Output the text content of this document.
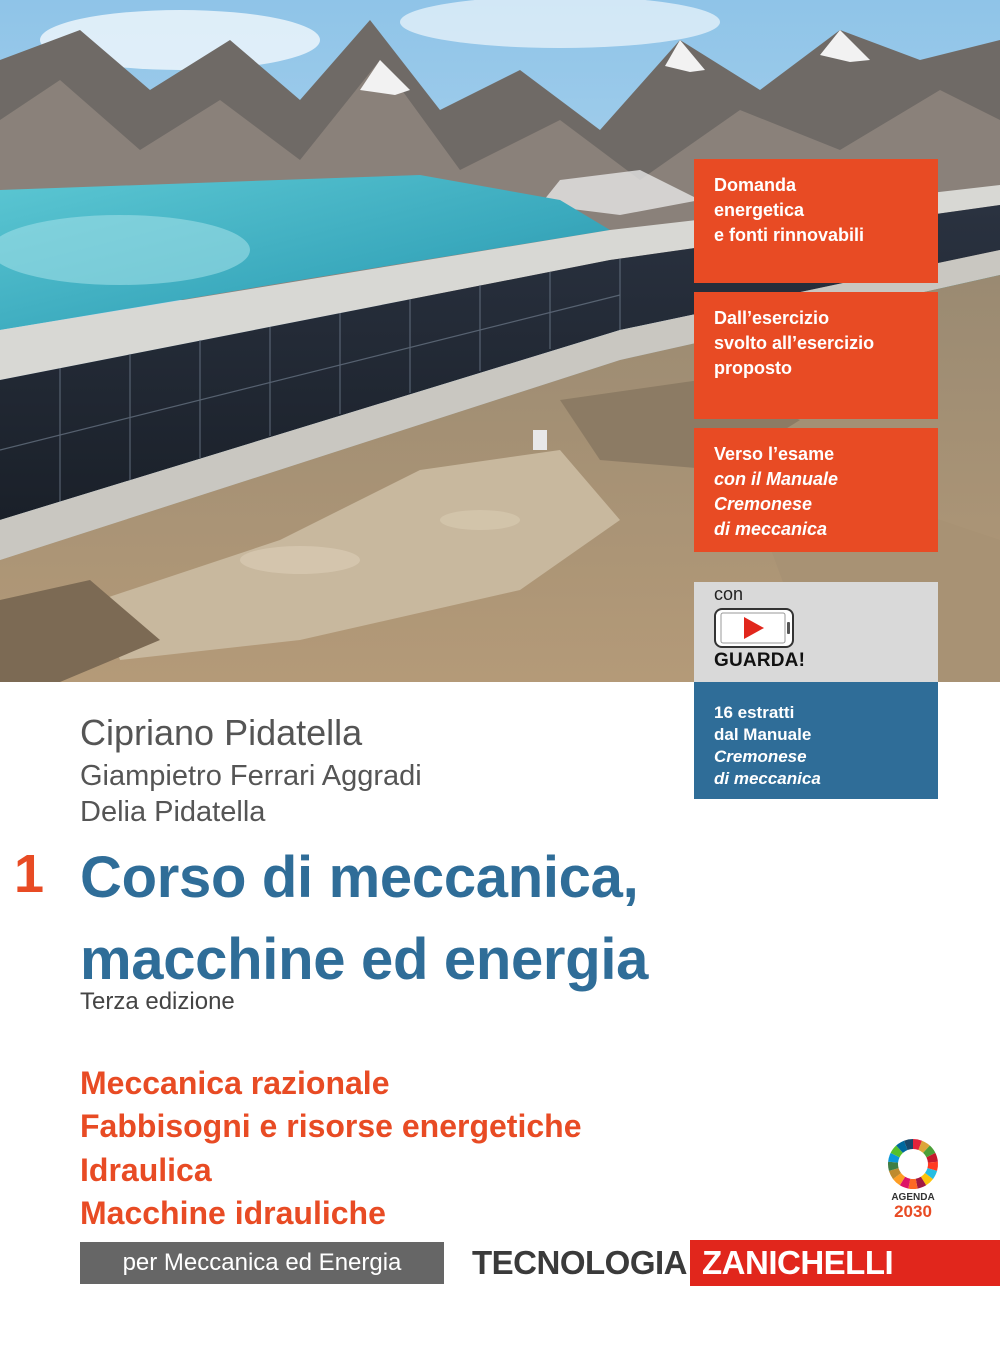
Domanda
energetica
e fonti rinnovabili
Dall’esercizio
svolto all’esercizio
proposto
Verso l’esame
con il Manuale
Cremonese
di meccanica
con
GUARDA!
16 estratti
dal Manuale
Cremonese
di meccanica
Cipriano Pidatella
Giampietro Ferrari Aggradi
Delia Pidatella
1 Corso di meccanica,
macchine ed energia
Terza edizione
Meccanica razionale
Fabbisogni e risorse energetiche
Idraulica
Macchine idrauliche	AGENDA
2030
per Meccanica ed Energia	TECNOLOGIA ZANICHELLI
